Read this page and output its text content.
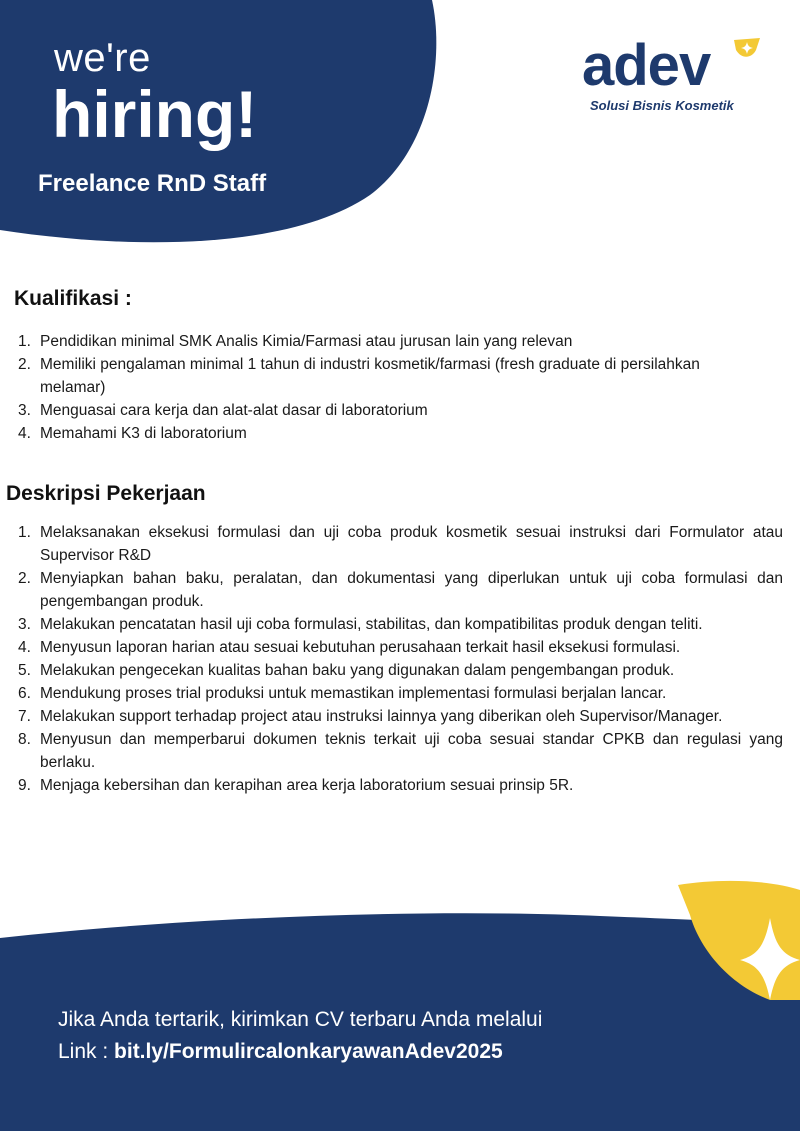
we're
hiring!
Freelance RnD Staff
adev
Solusi Bisnis Kosmetik
Kualifikasi :
1. Pendidikan minimal SMK Analis Kimia/Farmasi atau jurusan lain yang relevan
2. Memiliki pengalaman minimal 1 tahun di industri kosmetik/farmasi (fresh graduate di persilahkan melamar)
3. Menguasai cara kerja dan alat-alat dasar di laboratorium
4. Memahami K3 di laboratorium
Deskripsi Pekerjaan
1. Melaksanakan eksekusi formulasi dan uji coba produk kosmetik sesuai instruksi dari Formulator atau Supervisor R&D
2. Menyiapkan bahan baku, peralatan, dan dokumentasi yang diperlukan untuk uji coba formulasi dan pengembangan produk.
3. Melakukan pencatatan hasil uji coba formulasi, stabilitas, dan kompatibilitas produk dengan teliti.
4. Menyusun laporan harian atau sesuai kebutuhan perusahaan terkait hasil eksekusi formulasi.
5. Melakukan pengecekan kualitas bahan baku yang digunakan dalam pengembangan produk.
6. Mendukung proses trial produksi untuk memastikan implementasi formulasi berjalan lancar.
7. Melakukan support terhadap project atau instruksi lainnya yang diberikan oleh Supervisor/Manager.
8. Menyusun dan memperbarui dokumen teknis terkait uji coba sesuai standar CPKB dan regulasi yang berlaku.
9. Menjaga kebersihan dan kerapihan area kerja laboratorium sesuai prinsip 5R.
Jika Anda tertarik, kirimkan CV terbaru Anda melalui
Link : bit.ly/FormulircalonkaryawanAdev2025
